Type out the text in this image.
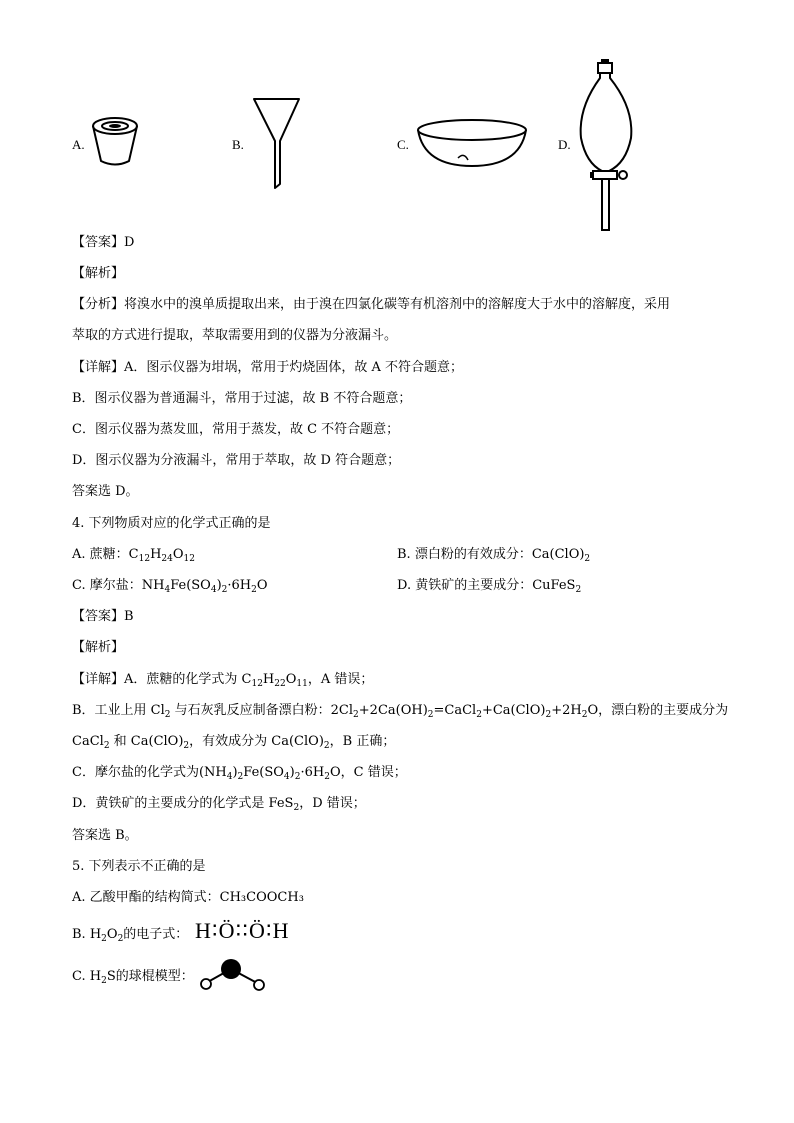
A.	B.	C.	D.
【答案】D
【解析】
【分析】将溴水中的溴单质提取出来，由于溴在四氯化碳等有机溶剂中的溶解度大于水中的溶解度，采用
萃取的方式进行提取，萃取需要用到的仪器为分液漏斗。
【详解】A．图示仪器为坩埚，常用于灼烧固体，故 A 不符合题意；
B．图示仪器为普通漏斗，常用于过滤，故 B 不符合题意；
C．图示仪器为蒸发皿，常用于蒸发，故 C 不符合题意；
D．图示仪器为分液漏斗，常用于萃取，故 D 符合题意；
答案选 D。
4. 下列物质对应的化学式正确的是
A. 蔗糖：$C_{12}H_{24}O_{12}$	B. 漂白粉的有效成分：$Ca(ClO)_2$
C. 摩尔盐：$NH_4Fe(SO_4)_2\cdot 6H_2O$	D. 黄铁矿的主要成分：CuFeS$_2$
【答案】B
【解析】
【详解】A．蔗糖的化学式为 $C_{12}H_{22}O_{11}$，A 错误；
B．工业上用 $Cl_2$ 与石灰乳反应制备漂白粉：$2Cl_2+2Ca(OH)_2=CaCl_2+Ca(ClO)_2+2H_2O$，漂白粉的主要成分为
CaCl$_2$ 和 $Ca(ClO)_2$，有效成分为 $Ca(ClO)_2$，B 正确；
C．摩尔盐的化学式为$(NH_4)_2Fe(SO_4)_2\cdot 6H_2O$，C 错误；
D．黄铁矿的主要成分的化学式是 FeS$_2$，D 错误；
答案选 B。
5. 下列表示不正确的是
A. 乙酸甲酯的结构简式：CH₃COOCH₃
B. $H_2O_2$的电子式： H∶Ö∶∶Ö∶H
C. $H_2S$的球棍模型：
